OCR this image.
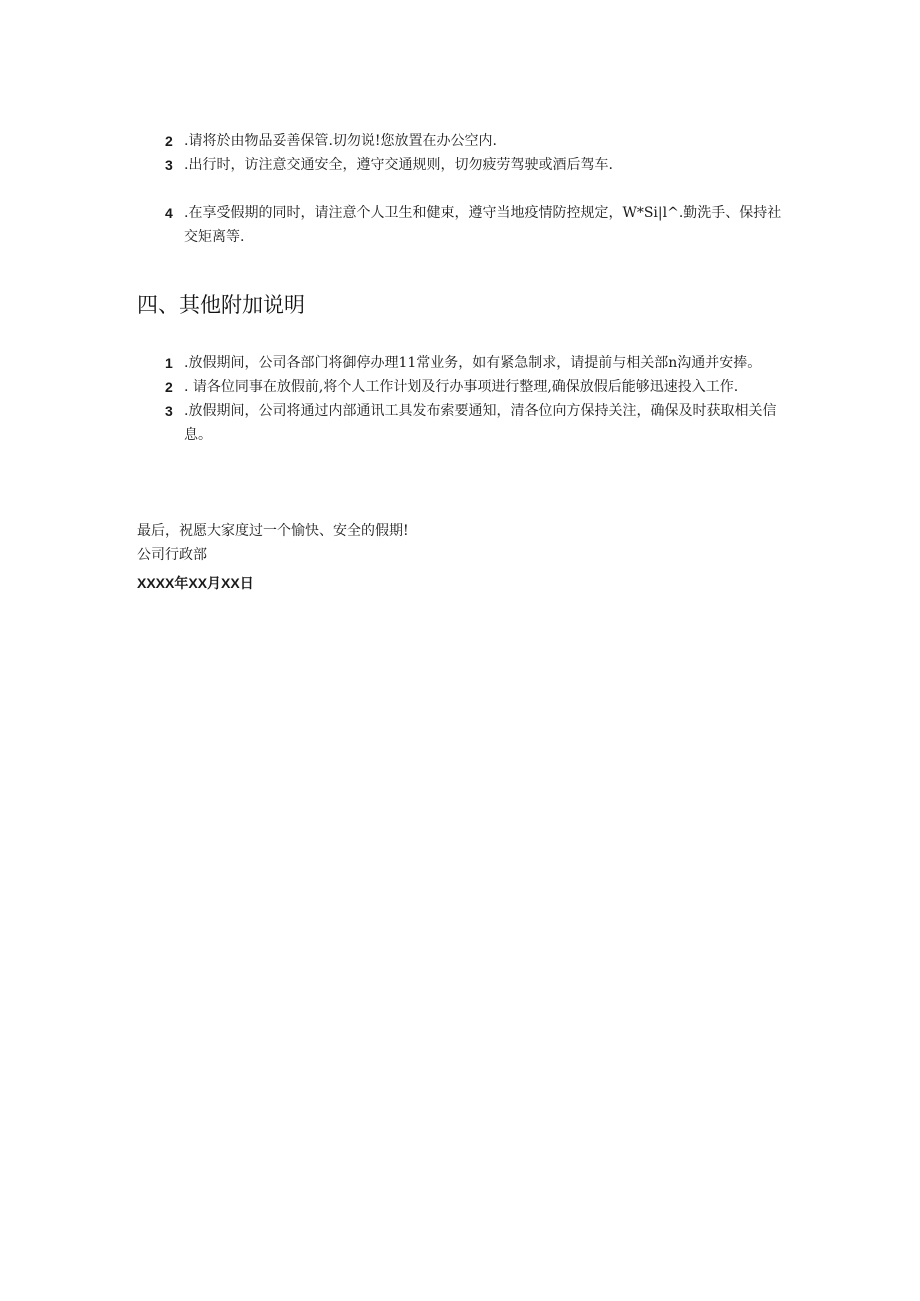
2 .请将於由物品妥善保管.切勿说!您放置在办公空内.
3 .出行时，访注意交通安全，遵守交通规则，切勿疲劳驾驶或酒后驾车.
4 .在享受假期的同时，请注意个人卫生和健束，遵守当地疫情防控规定，W*Si|l^.勤洗手、保持社交矩离等.
四、其他附加说明
1 .放假期间，公司各部门将御停办理11常业务，如有紧急制求，请提前与相关部n沟通并安捧。
2 . 请各位同事在放假前,将个人工作计划及行办事项进行整理,确保放假后能够迅速投入工作.
3 .放假期间，公司将通过内部通讯工具发布索要通知，清各位向方保持关注，确保及时获取相关信息。
最后，祝愿大家度过一个愉快、安全的假期!
公司行政部
XXXX年XX月XX日
